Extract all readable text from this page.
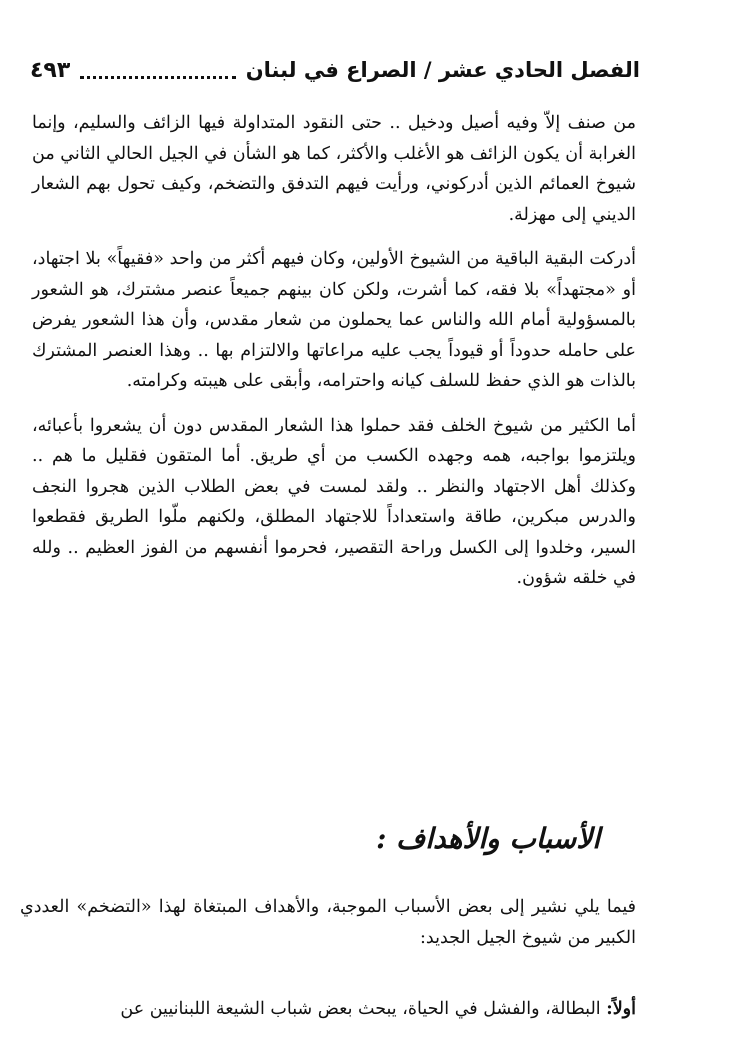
الفصل الحادي عشر / الصراع في لبنان
٤٩٣

من صنف إلاّ وفيه أصيل ودخيل .. حتى النقود المتداولة فيها الزائف والسليم، وإنما الغرابة أن يكون الزائف هو الأغلب والأكثر، كما هو الشأن في الجيل الحالي الثاني من شيوخ العمائم الذين أدركوني، ورأيت فيهم التدفق والتضخم، وكيف تحول بهم الشعار الديني إلى مهزلة.

أدركت البقية الباقية من الشيوخ الأولين، وكان فيهم أكثر من واحد «فقيهاً» بلا اجتهاد، أو «مجتهداً» بلا فقه، كما أشرت، ولكن كان بينهم جميعاً عنصر مشترك، هو الشعور بالمسؤولية أمام الله والناس عما يحملون من شعار مقدس، وأن هذا الشعور يفرض على حامله حدوداً أو قيوداً يجب عليه مراعاتها والالتزام بها .. وهذا العنصر المشترك بالذات هو الذي حفظ للسلف كيانه واحترامه، وأبقى على هيبته وكرامته.

أما الكثير من شيوخ الخلف فقد حملوا هذا الشعار المقدس دون أن يشعروا بأعبائه، ويلتزموا بواجبه، همه وجهده الكسب من أي طريق. أما المتقون فقليل ما هم .. وكذلك أهل الاجتهاد والنظر .. ولقد لمست في بعض الطلاب الذين هجروا النجف والدرس مبكرين، طاقة واستعداداً للاجتهاد المطلق، ولكنهم ملّوا الطريق فقطعوا السير، وخلدوا إلى الكسل وراحة التقصير، فحرموا أنفسهم من الفوز العظيم .. ولله في خلقه شؤون.

الأسباب والأهداف :

فيما يلي نشير إلى بعض الأسباب الموجبة، والأهداف المبتغاة لهذا «التضخم» العددي الكبير من شيوخ الجيل الجديد:

أولاً: البطالة، والفشل في الحياة، يبحث بعض شباب الشيعة اللبنانيين عن
